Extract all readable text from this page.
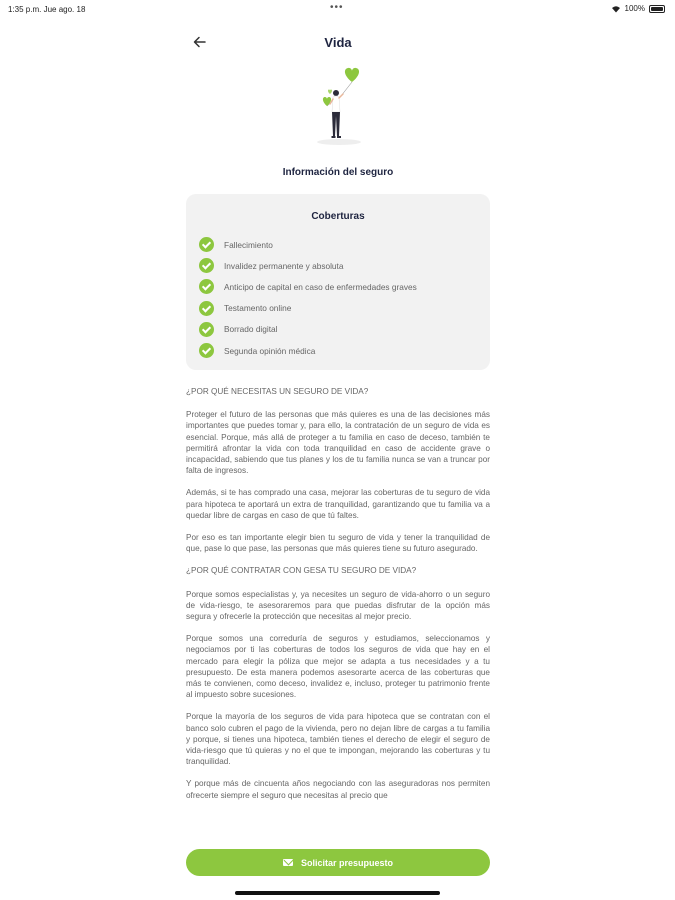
1:35 p.m. Jue ago. 18	•••	100%
Vida
Información del seguro
Coberturas
Fallecimiento
Invalidez permanente y absoluta
Anticipo de capital en caso de enfermedades graves
Testamento online
Borrado digital
Segunda opinión médica

¿POR QUÉ NECESITAS UN SEGURO DE VIDA?

Proteger el futuro de las personas que más quieres es una de las decisiones más importantes que puedes tomar y, para ello, la contratación de un seguro de vida es esencial. Porque, más allá de proteger a tu familia en caso de deceso, también te permitirá afrontar la vida con toda tranquilidad en caso de accidente grave o incapacidad, sabiendo que tus planes y los de tu familia nunca se van a truncar por falta de ingresos.

Además, si te has comprado una casa, mejorar las coberturas de tu seguro de vida para hipoteca te aportará un extra de tranquilidad, garantizando que tu familia va a quedar libre de cargas en caso de que tú faltes.

Por eso es tan importante elegir bien tu seguro de vida y tener la tranquilidad de que, pase lo que pase, las personas que más quieres tiene su futuro asegurado.

¿POR QUÉ CONTRATAR CON GESA TU SEGURO DE VIDA?

Porque somos especialistas y, ya necesites un seguro de vida-ahorro o un seguro de vida-riesgo, te asesoraremos para que puedas disfrutar de la opción más segura y ofrecerle la protección que necesitas al mejor precio.

Porque somos una correduría de seguros y estudiamos, seleccionamos y negociamos por ti las coberturas de todos los seguros de vida que hay en el mercado para elegir la póliza que mejor se adapta a tus necesidades y a tu presupuesto. De esta manera podemos asesorarte acerca de las coberturas que más te convienen, como deceso, invalidez e, incluso, proteger tu patrimonio frente al impuesto sobre sucesiones.

Porque la mayoría de los seguros de vida para hipoteca que se contratan con el banco solo cubren el pago de la vivienda, pero no dejan libre de cargas a tu familia y porque, si tienes una hipoteca, también tienes el derecho de elegir el seguro de vida-riesgo que tú quieras y no el que te impongan, mejorando las coberturas y tu tranquilidad.

Y porque más de cincuenta años negociando con las aseguradoras nos permiten ofrecerte siempre el seguro que necesitas al precio que

Solicitar presupuesto
